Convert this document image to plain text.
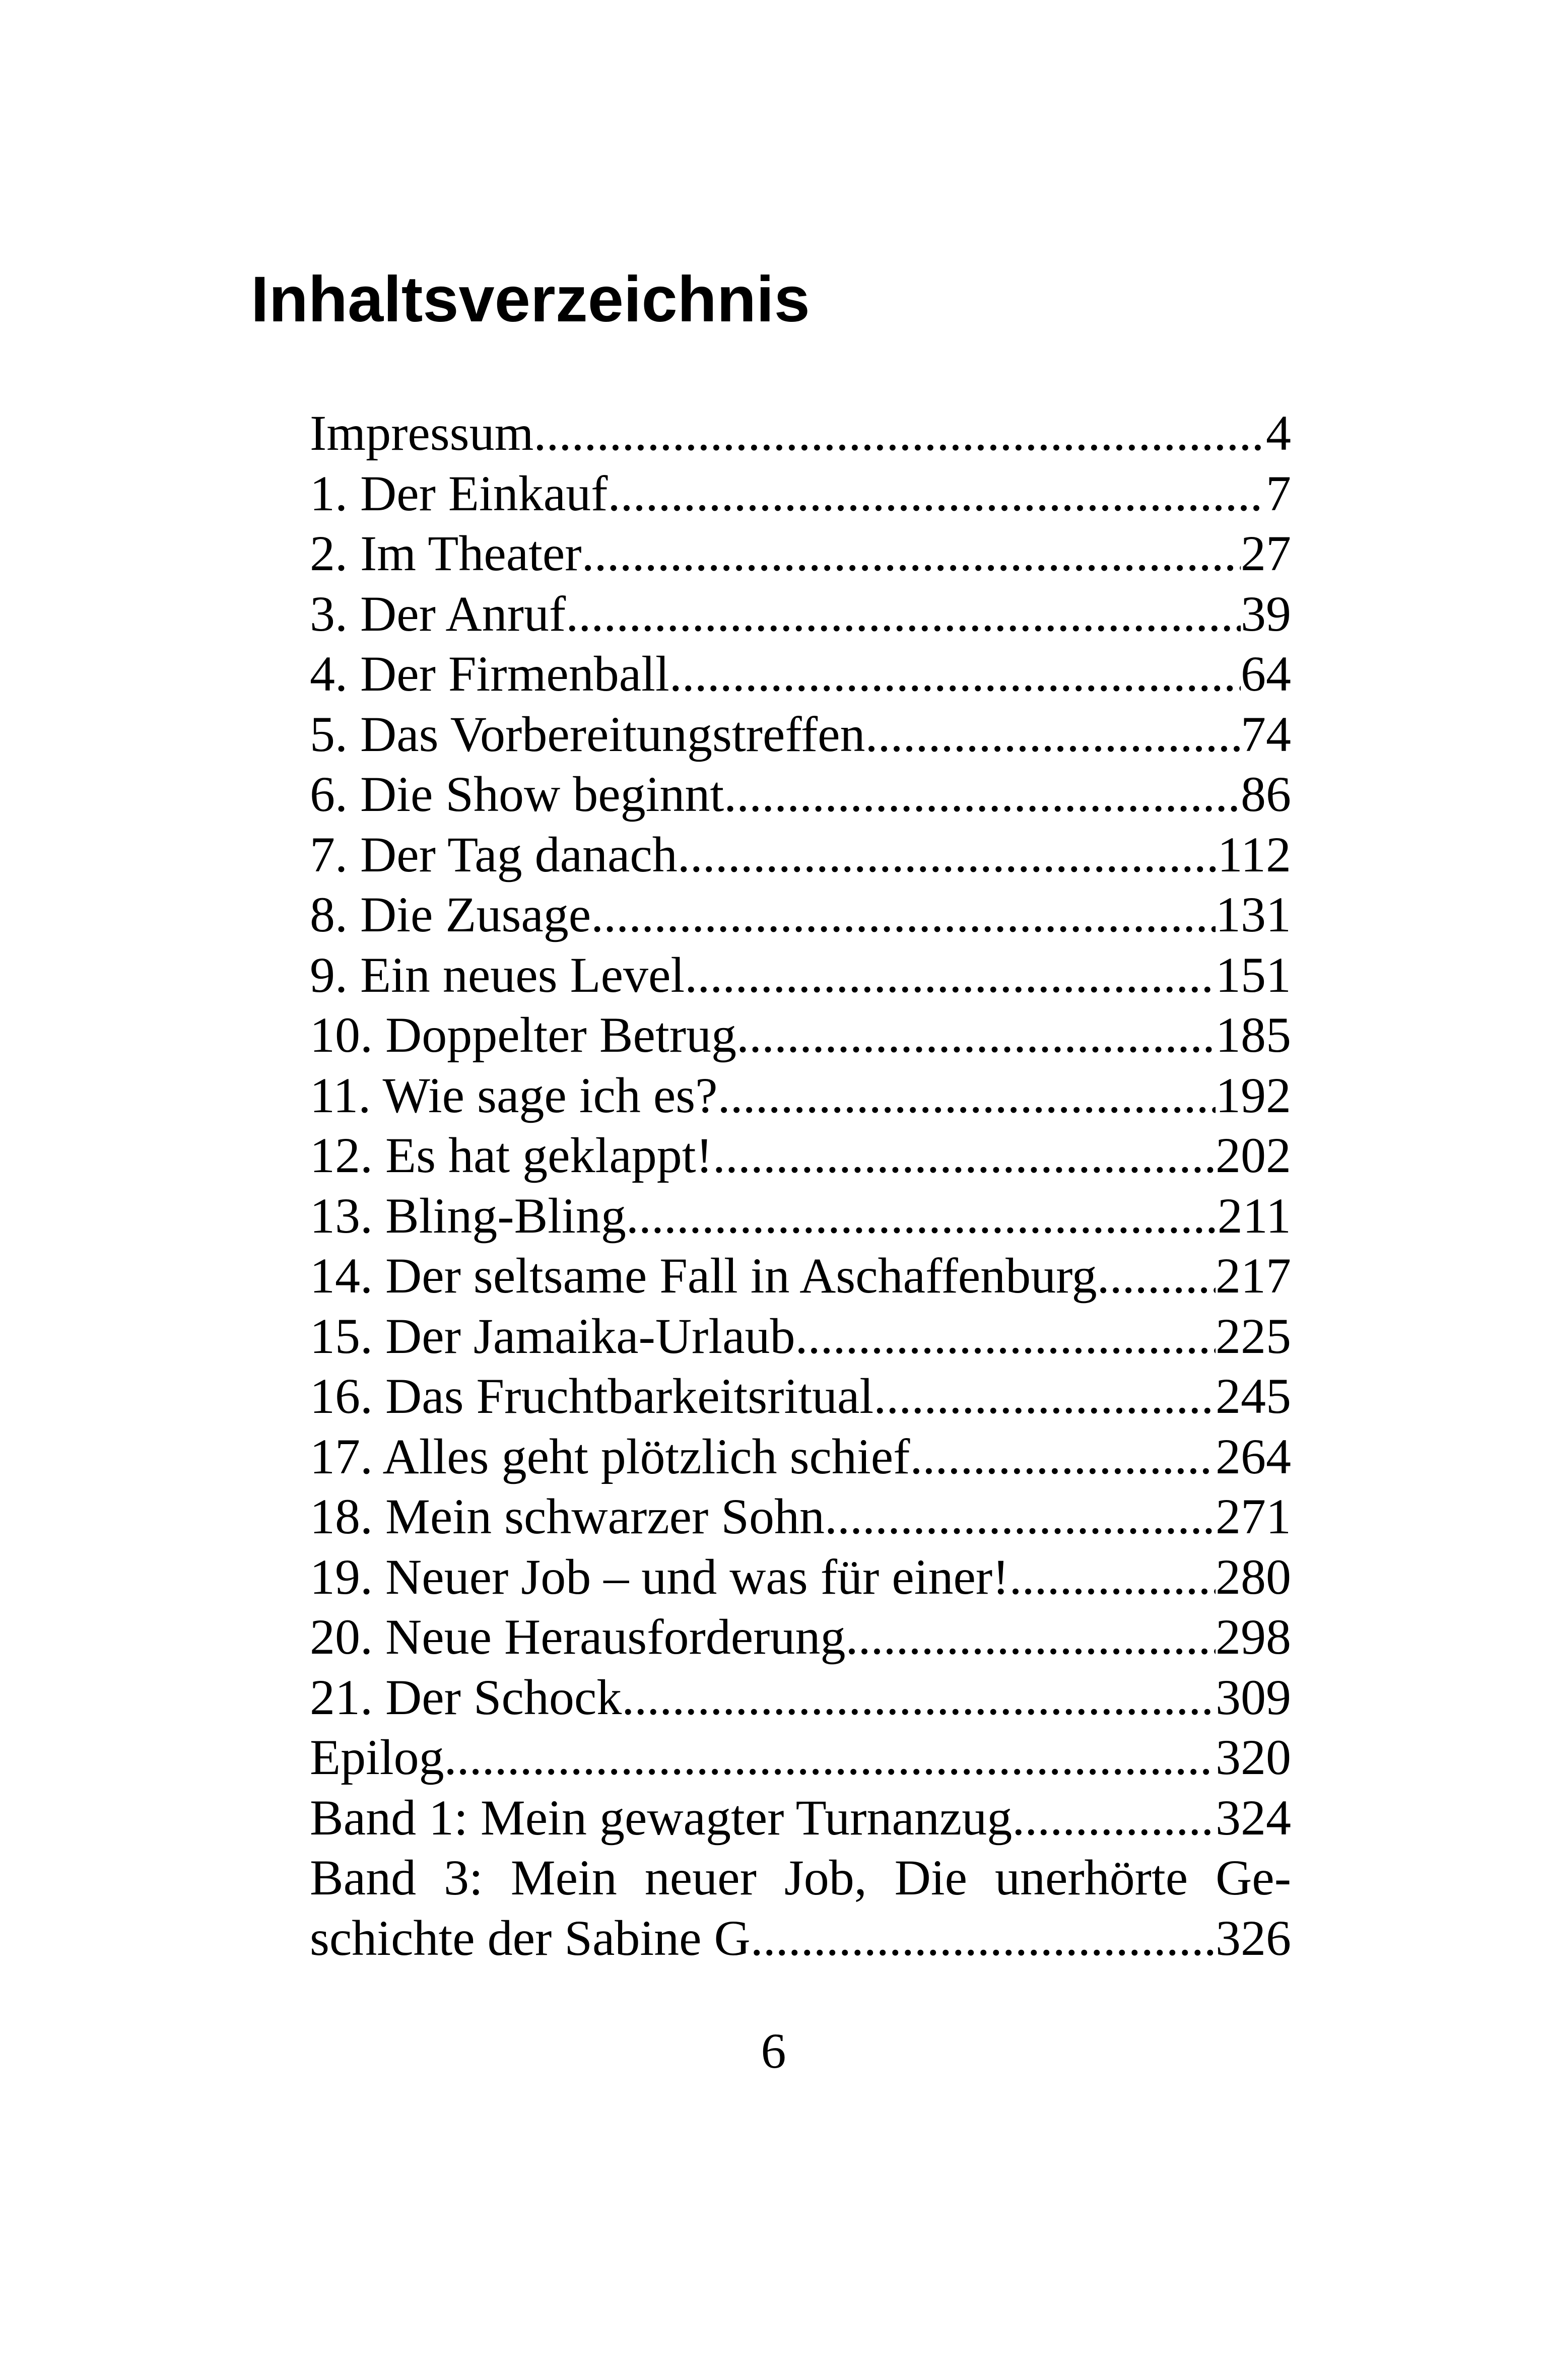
Inhaltsverzeichnis
Impressum .....	4
1. Der Einkauf .....	7
2. Im Theater .....	27
3. Der Anruf .....	39
4. Der Firmenball .....	64
5. Das Vorbereitungstreffen .....	74
6. Die Show beginnt .....	86
7. Der Tag danach .....	112
8. Die Zusage .....	131
9. Ein neues Level .....	151
10. Doppelter Betrug .....	185
11. Wie sage ich es? .....	192
12. Es hat geklappt! .....	202
13. Bling-Bling .....	211
14. Der seltsame Fall in Aschaffenburg ..... 217
15. Der Jamaika-Urlaub .....	225
16. Das Fruchtbarkeitsritual .....	245
17. Alles geht plötzlich schief .....	264
18. Mein schwarzer Sohn .....	271
19. Neuer Job – und was für einer! .....	280
20. Neue Herausforderung .....	298
21. Der Schock .....	309
Epilog .....	320
Band 1: Mein gewagter Turnanzug .....	324
Band 3: Mein neuer Job, Die unerhörte Ge-
schichte der Sabine G .....	326

6
